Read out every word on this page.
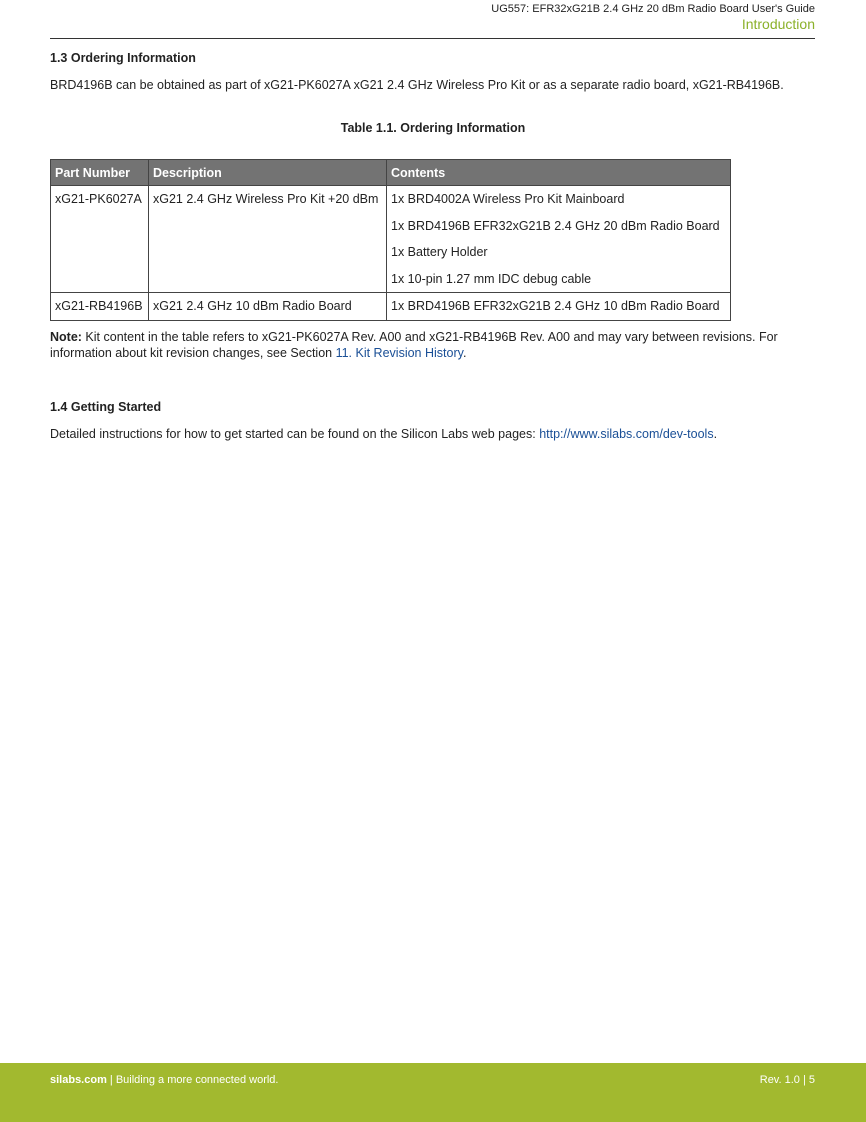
UG557: EFR32xG21B 2.4 GHz 20 dBm Radio Board User's Guide
Introduction
1.3 Ordering Information
BRD4196B can be obtained as part of xG21-PK6027A xG21 2.4 GHz Wireless Pro Kit or as a separate radio board, xG21-RB4196B.
Table 1.1. Ordering Information
Part Number	Description	Contents
xG21-PK6027A	xG21 2.4 GHz Wireless Pro Kit +20 dBm	1x BRD4002A Wireless Pro Kit Mainboard
1x BRD4196B EFR32xG21B 2.4 GHz 20 dBm Radio Board
1x Battery Holder
1x 10-pin 1.27 mm IDC debug cable

xG21-RB4196B	xG21 2.4 GHz 10 dBm Radio Board	1x BRD4196B EFR32xG21B 2.4 GHz 10 dBm Radio Board
Note: Kit content in the table refers to xG21-PK6027A Rev. A00 and xG21-RB4196B Rev. A00 and may vary between revisions. For information about kit revision changes, see Section 11. Kit Revision History.
1.4 Getting Started
Detailed instructions for how to get started can be found on the Silicon Labs web pages: http://www.silabs.com/dev-tools.
silabs.com | Building a more connected world.	Rev. 1.0 | 5
